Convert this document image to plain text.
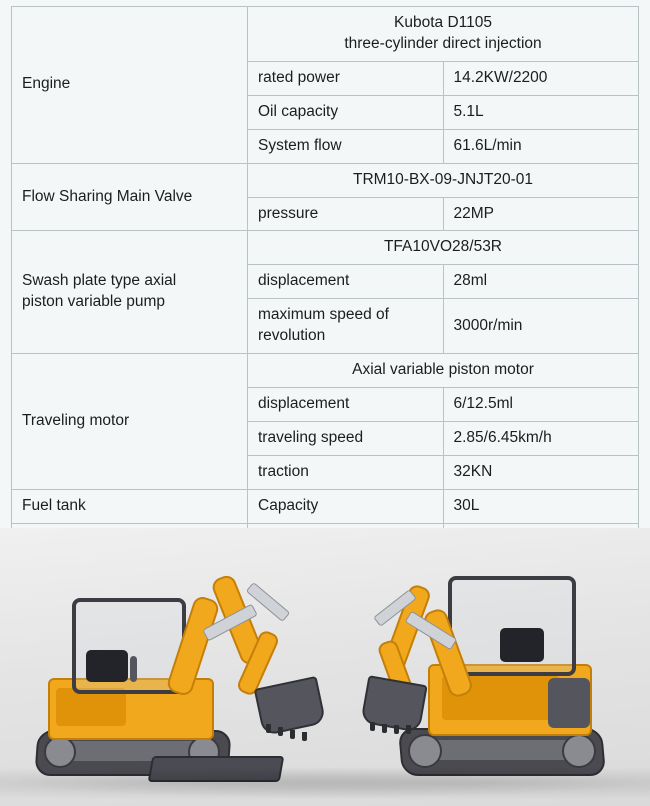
Engine	Kubota D1105
three-cylinder direct injection	

	rated power	14.2KW/2200
	Oil capacity	5.1L
	System flow	61.6L/min
Flow Sharing Main Valve	TRM10-BX-09-JNJT20-01	
	pressure	22MP

Swash plate type axial
piston variable pump	TFA10VO28/53R	
	displacement	28ml
	maximum speed of revolution	3000r/min
Traveling motor	Axial variable piston motor	
	displacement	6/12.5ml
	traveling speed	2.85/6.45km/h
	traction	32KN
Fuel tank	Capacity	30L
